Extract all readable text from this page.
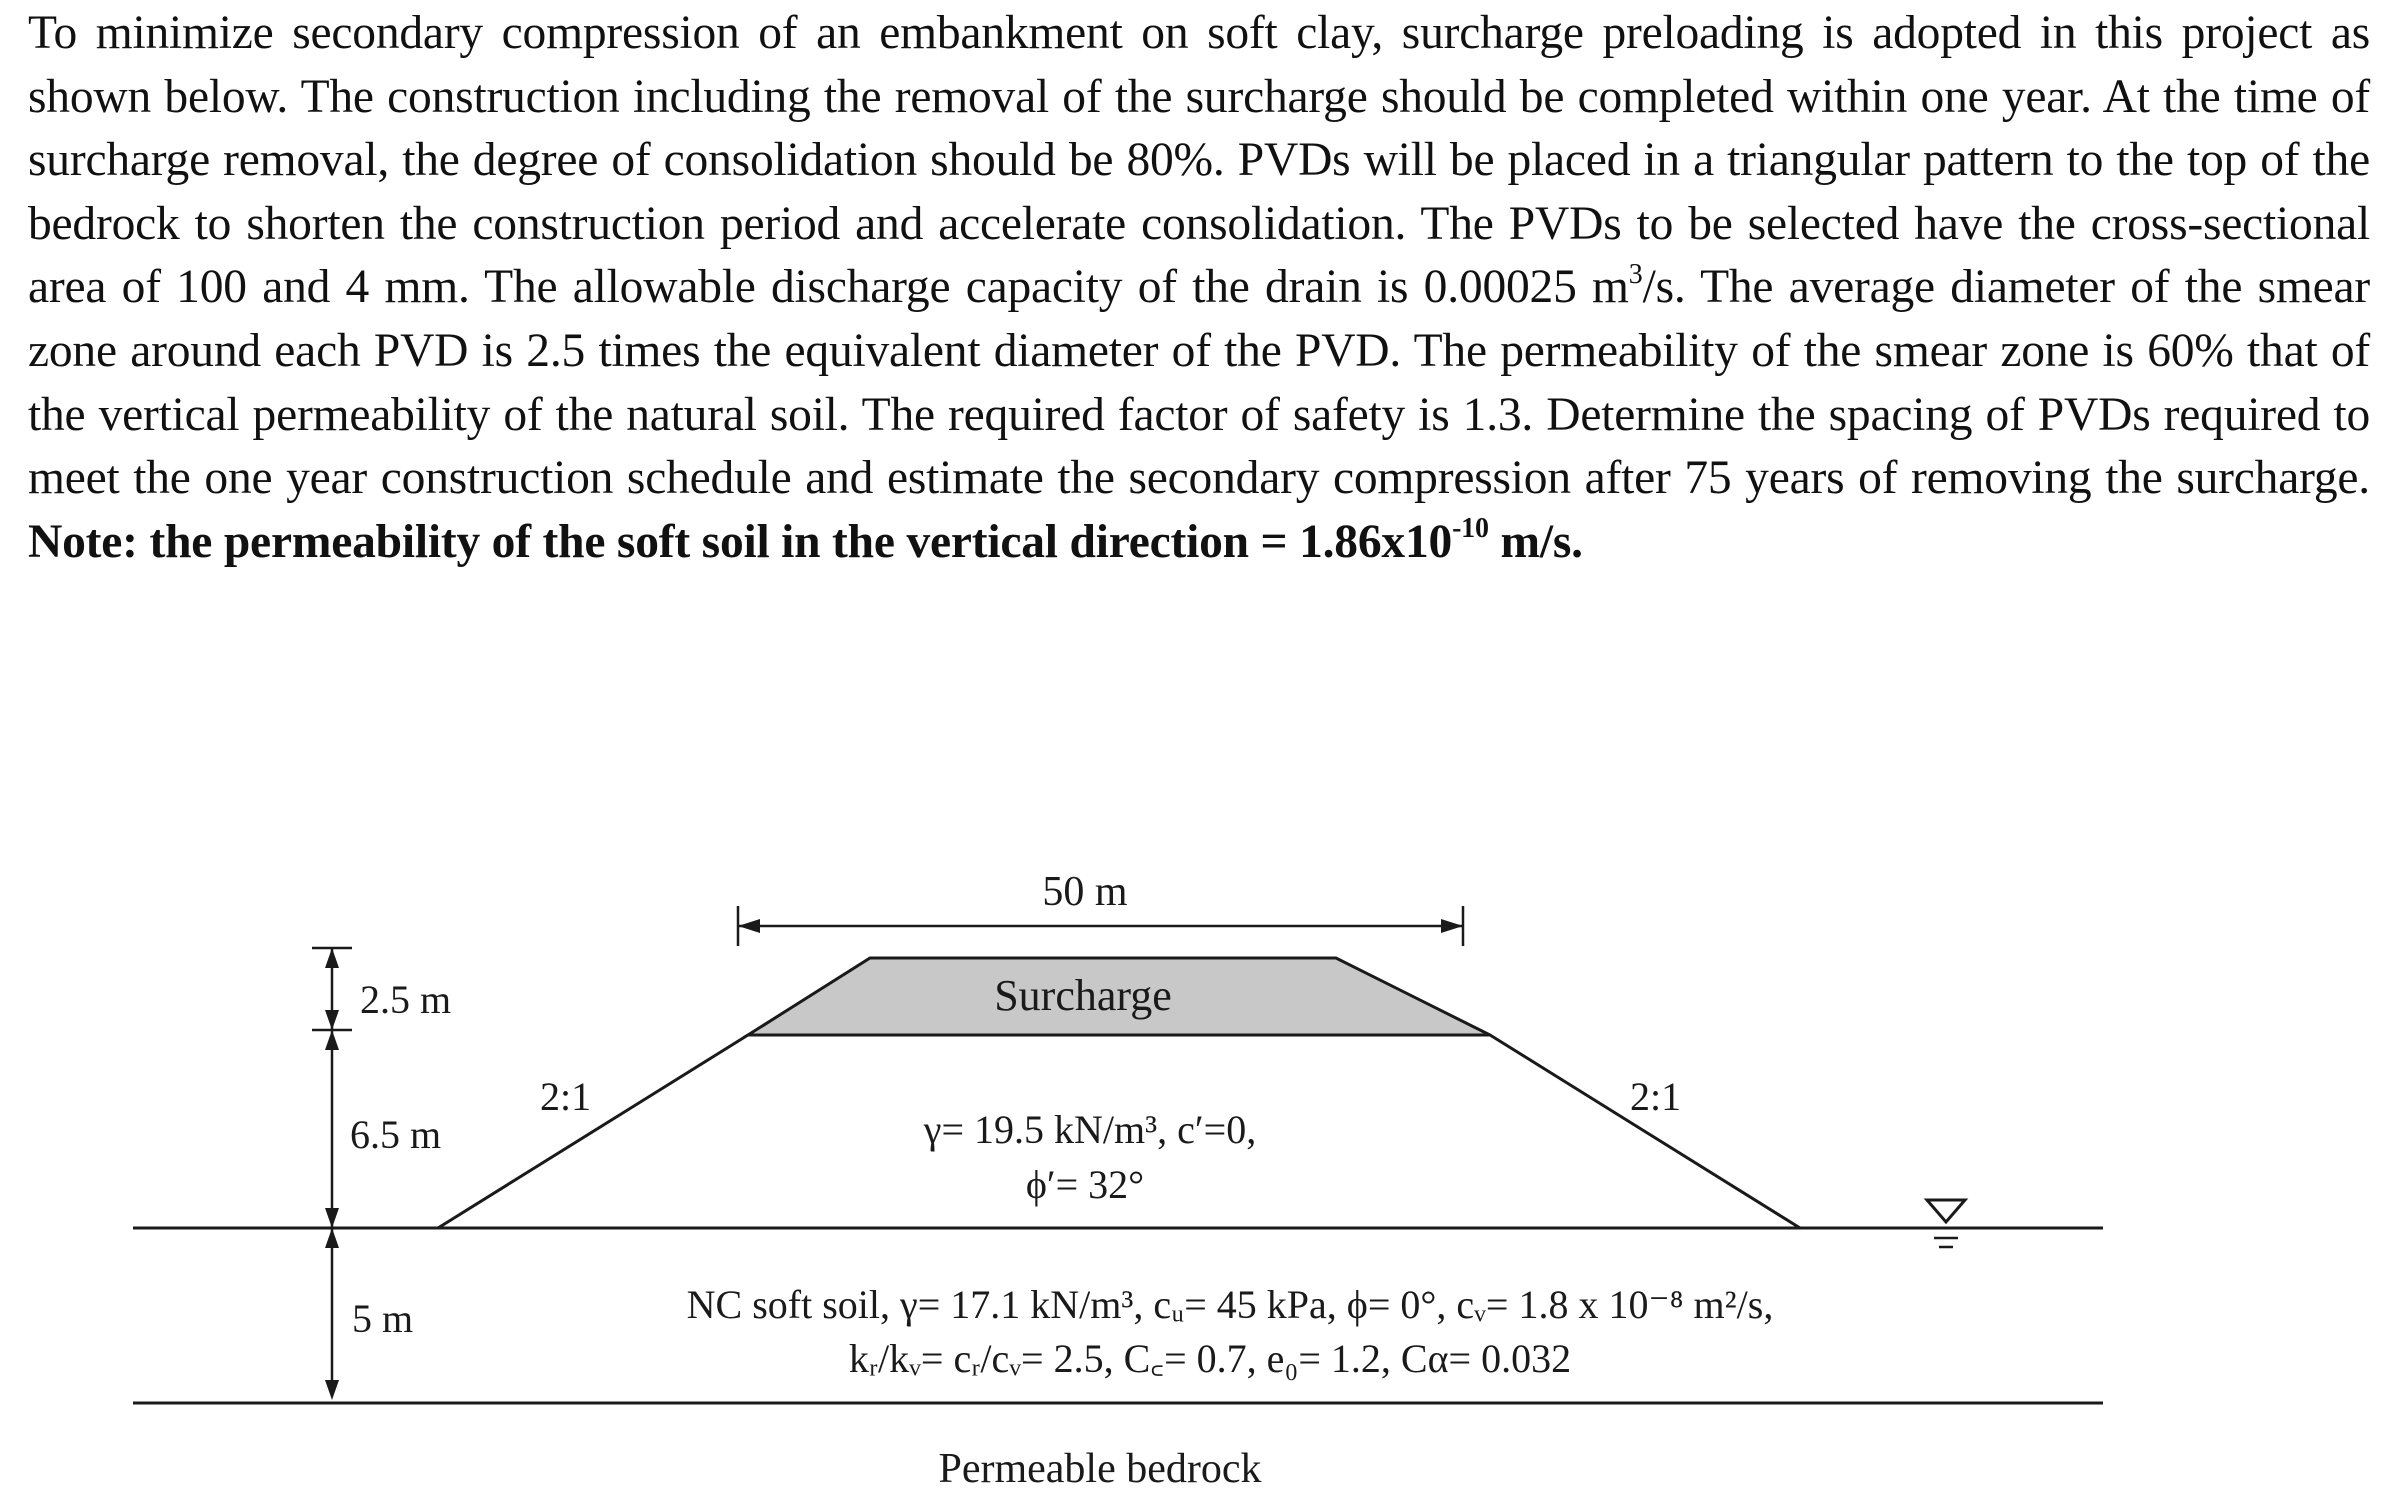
To minimize secondary compression of an embankment on soft clay, surcharge preloading is adopted in this project as shown below. The construction including the removal of the surcharge should be completed within one year. At the time of surcharge removal, the degree of consolidation should be 80%. PVDs will be placed in a triangular pattern to the top of the bedrock to shorten the construction period and accelerate consolidation. The PVDs to be selected have the cross-sectional area of 100 and 4 mm. The allowable discharge capacity of the drain is 0.00025 $m^3/s$. The average diameter of the smear zone around each PVD is 2.5 times the equivalent diameter of the PVD. The permeability of the smear zone is 60% that of the vertical permeability of the natural soil. The required factor of safety is 1.3. Determine the spacing of PVDs required to meet the one year construction schedule and estimate the secondary compression after 75 years of removing the surcharge. Note: the permeability of the soft soil in the vertical direction = $1.86x10^{-10}$ m/s.

50 m
Surcharge
2.5 m
6.5 m
5 m
2:1	2:1
γ= 19.5 kN/m³, c′=0,
ϕ′= 32°
NC soft soil, γ= 17.1 kN/m³, cᵤ= 45 kPa, ϕ= 0°, cᵥ= 1.8 x 10⁻⁸ m²/s,
kᵣ/kᵥ= cᵣ/cᵥ= 2.5, C꜀= 0.7, e₀= 1.2, Cα= 0.032
Permeable bedrock
